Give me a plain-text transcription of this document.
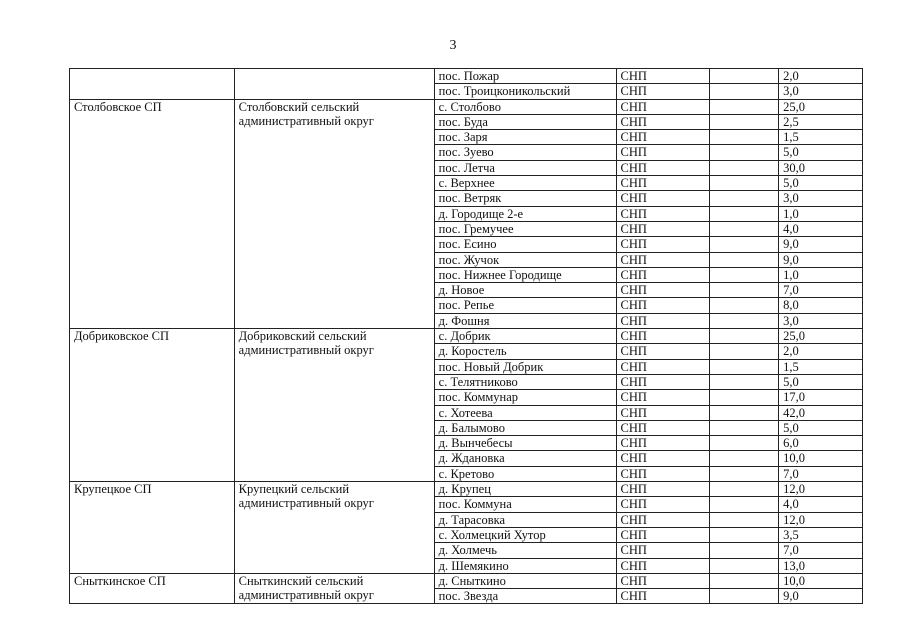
3
		пос. Пожар	СНП		2,0
		пос. Троицконикольский	СНП		3,0
Столбовское СП	Столбовский сельский административный округ	с. Столбово	СНП		25,0
		пос. Буда	СНП		2,5
		пос. Заря	СНП		1,5
		пос. Зуево	СНП		5,0
		пос. Летча	СНП		30,0
		с. Верхнее	СНП		5,0
		пос. Ветряк	СНП		3,0
		д. Городище 2-е	СНП		1,0
		пос. Гремучее	СНП		4,0
		пос. Есино	СНП		9,0
		пос. Жучок	СНП		9,0
		пос. Нижнее Городище	СНП		1,0
		д. Новое	СНП		7,0
		пос. Репье	СНП		8,0
		д. Фошня	СНП		3,0
Добриковское СП	Добриковский сельский административный округ	с. Добрик	СНП		25,0
		д. Коростель	СНП		2,0
		пос. Новый Добрик	СНП		1,5
		с. Телятниково	СНП		5,0
		пос. Коммунар	СНП		17,0
		с. Хотеева	СНП		42,0
		д. Балымово	СНП		5,0
		д. Вынчебесы	СНП		6,0
		д. Ждановка	СНП		10,0
		с. Кретово	СНП		7,0
Крупецкое СП	Крупецкий сельский административный округ	д. Крупец	СНП		12,0
		пос. Коммуна	СНП		4,0
		д. Тарасовка	СНП		12,0
		с. Холмецкий Хутор	СНП		3,5
		д. Холмечь	СНП		7,0
		д. Шемякино	СНП		13,0
Сныткинское СП	Сныткинский сельский административный округ	д. Сныткино	СНП		10,0
		пос. Звезда	СНП		9,0
